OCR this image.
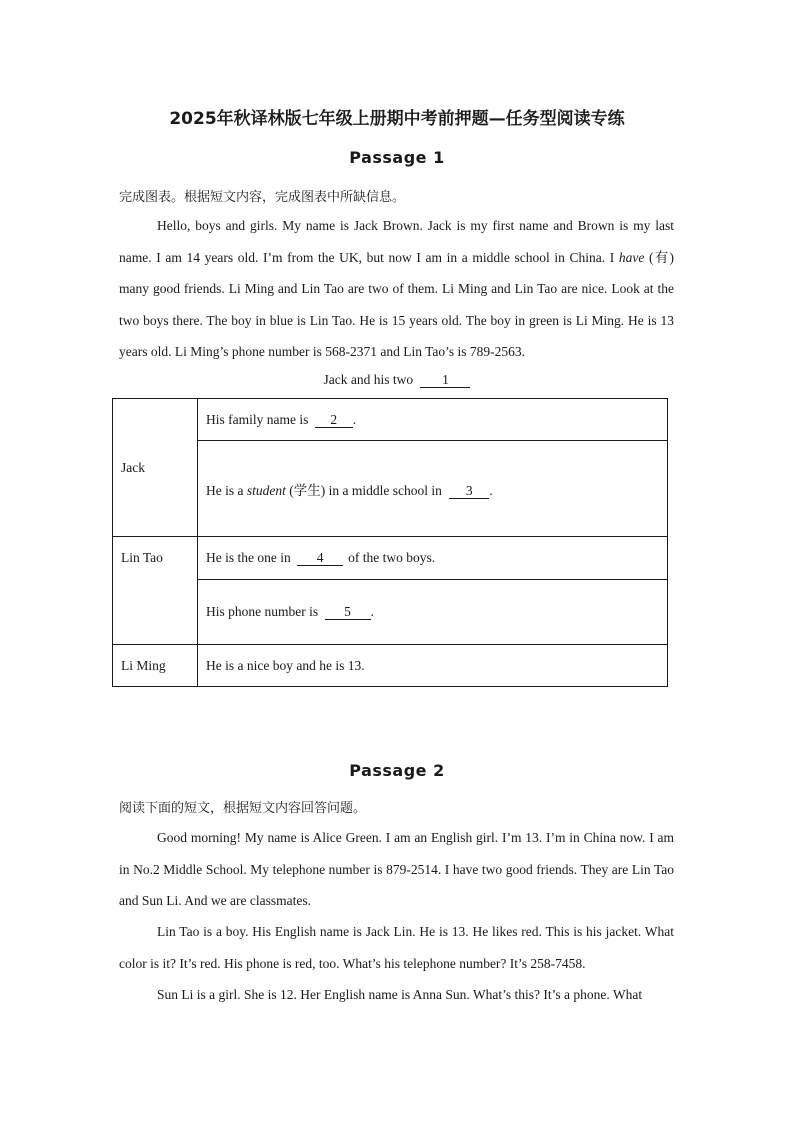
2025年秋译林版七年级上册期中考前押题—任务型阅读专练
Passage 1
完成图表。根据短文内容，完成图表中所缺信息。

Hello, boys and girls. My name is Jack Brown. Jack is my first name and Brown is my last name. I am 14 years old. I’m from the UK, but now I am in a middle school in China. I have (有) many good friends. Li Ming and Lin Tao are two of them. Li Ming and Lin Tao are nice. Look at the two boys there. The boy in blue is Lin Tao. He is 15 years old. The boy in green is Li Ming. He is 13 years old. Li Ming’s phone number is 568-2371 and Lin Tao’s is 789-2563.

Jack and his two 1
Jack	His family name is 2 .
	He is a student (学生) in a middle school in 3 .
Lin Tao	He is the one in 4 of the two boys.
	His phone number is 5 .
Li Ming	He is a nice boy and he is 13.
Passage 2
阅读下面的短文，根据短文内容回答问题。

Good morning! My name is Alice Green. I am an English girl. I’m 13. I’m in China now. I am in No.2 Middle School. My telephone number is 879-2514. I have two good friends. They are Lin Tao and Sun Li. And we are classmates.

Lin Tao is a boy. His English name is Jack Lin. He is 13. He likes red. This is his jacket. What color is it? It’s red. His phone is red, too. What’s his telephone number? It’s 258-7458.

Sun Li is a girl. She is 12. Her English name is Anna Sun. What’s this? It’s a phone. What
